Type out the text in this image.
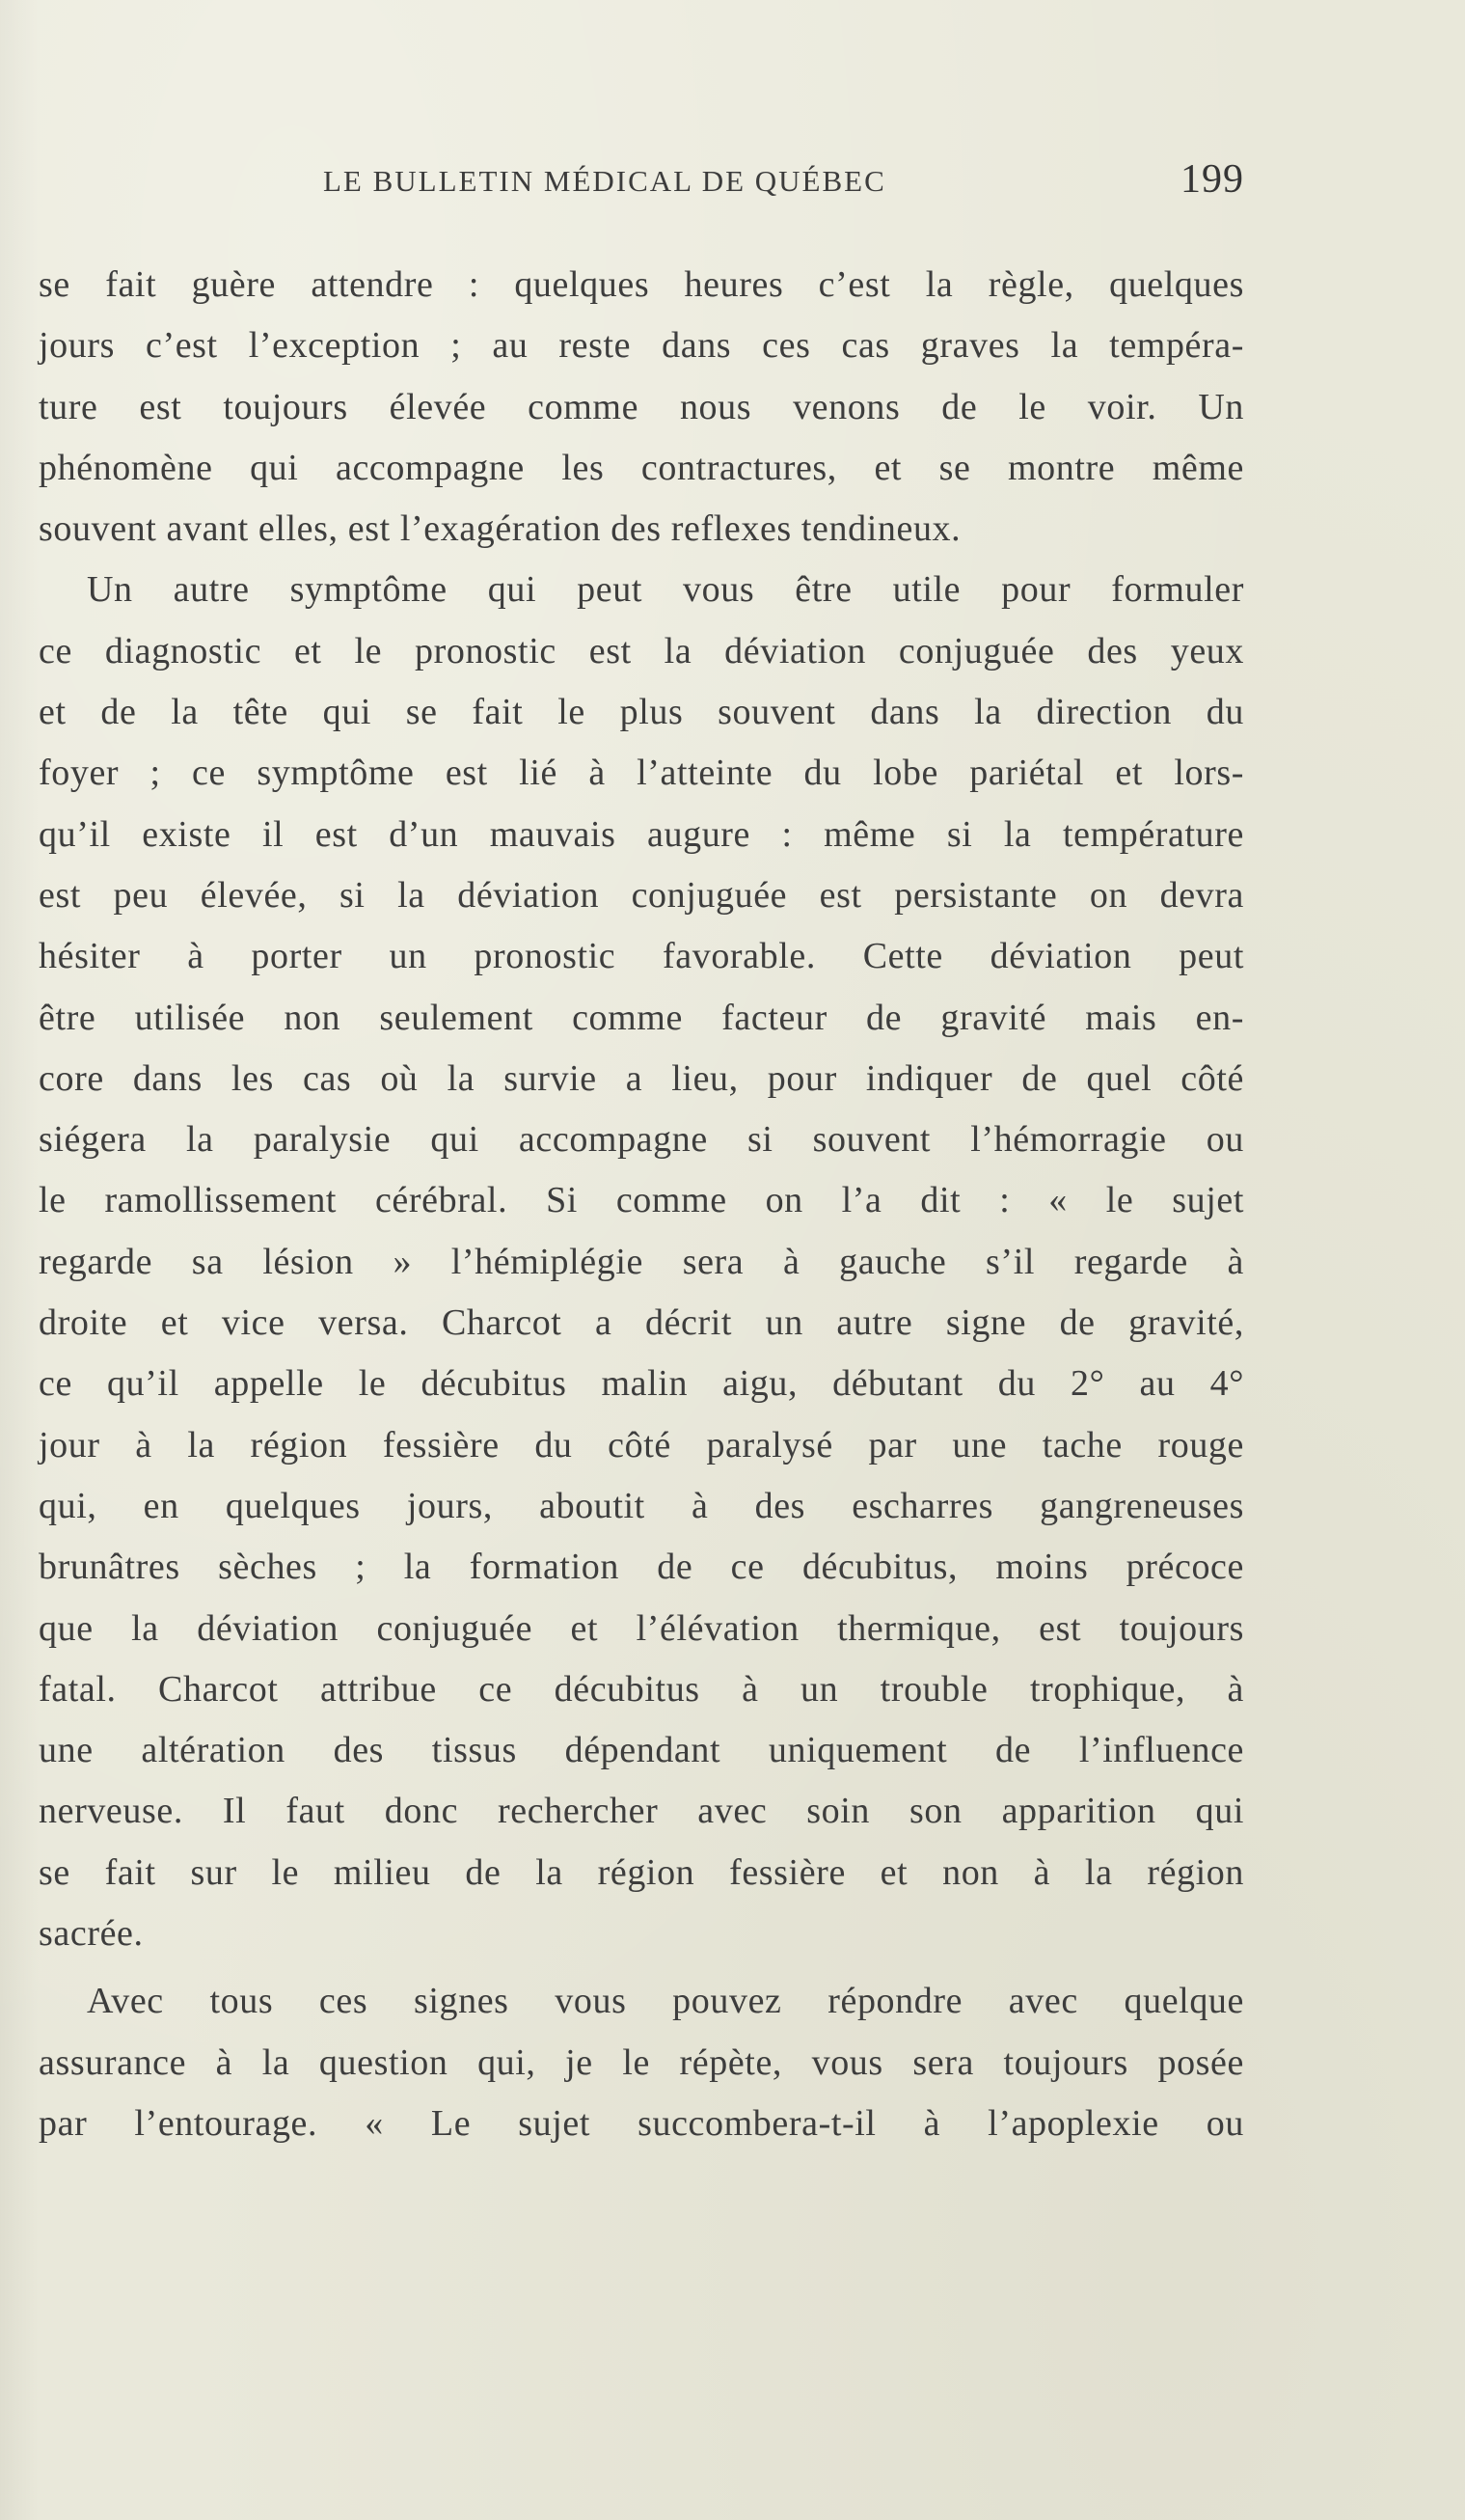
LE BULLETIN MÉDICAL DE QUÉBEC	199

se fait guère attendre : quelques heures c’est la règle, quelques
jours c’est l’exception ; au reste dans ces cas graves la tempéra-
ture est toujours élevée comme nous venons de le voir. Un
phénomène qui accompagne les contractures, et se montre même
souvent avant elles, est l’exagération des reflexes tendineux.

Un autre symptôme qui peut vous être utile pour formuler
ce diagnostic et le pronostic est la déviation conjuguée des yeux
et de la tête qui se fait le plus souvent dans la direction du
foyer ; ce symptôme est lié à l’atteinte du lobe pariétal et lors-
qu’il existe il est d’un mauvais augure : même si la température
est peu élevée, si la déviation conjuguée est persistante on devra
hésiter à porter un pronostic favorable. Cette déviation peut
être utilisée non seulement comme facteur de gravité mais en-
core dans les cas où la survie a lieu, pour indiquer de quel côté
siégera la paralysie qui accompagne si souvent l’hémorragie ou
le ramollissement cérébral. Si comme on l’a dit : « le sujet
regarde sa lésion » l’hémiplégie sera à gauche s’il regarde à
droite et vice versa. Charcot a décrit un autre signe de gravité,
ce qu’il appelle le décubitus malin aigu, débutant du 2° au 4°
jour à la région fessière du côté paralysé par une tache rouge
qui, en quelques jours, aboutit à des escharres gangreneuses
brunâtres sèches ; la formation de ce décubitus, moins précoce
que la déviation conjuguée et l’élévation thermique, est toujours
fatal. Charcot attribue ce décubitus à un trouble trophique, à
une altération des tissus dépendant uniquement de l’influence
nerveuse. Il faut donc rechercher avec soin son apparition qui
se fait sur le milieu de la région fessière et non à la région
sacrée.

Avec tous ces signes vous pouvez répondre avec quelque
assurance à la question qui, je le répète, vous sera toujours posée
par l’entourage. « Le sujet succombera-t-il à l’apoplexie ou
